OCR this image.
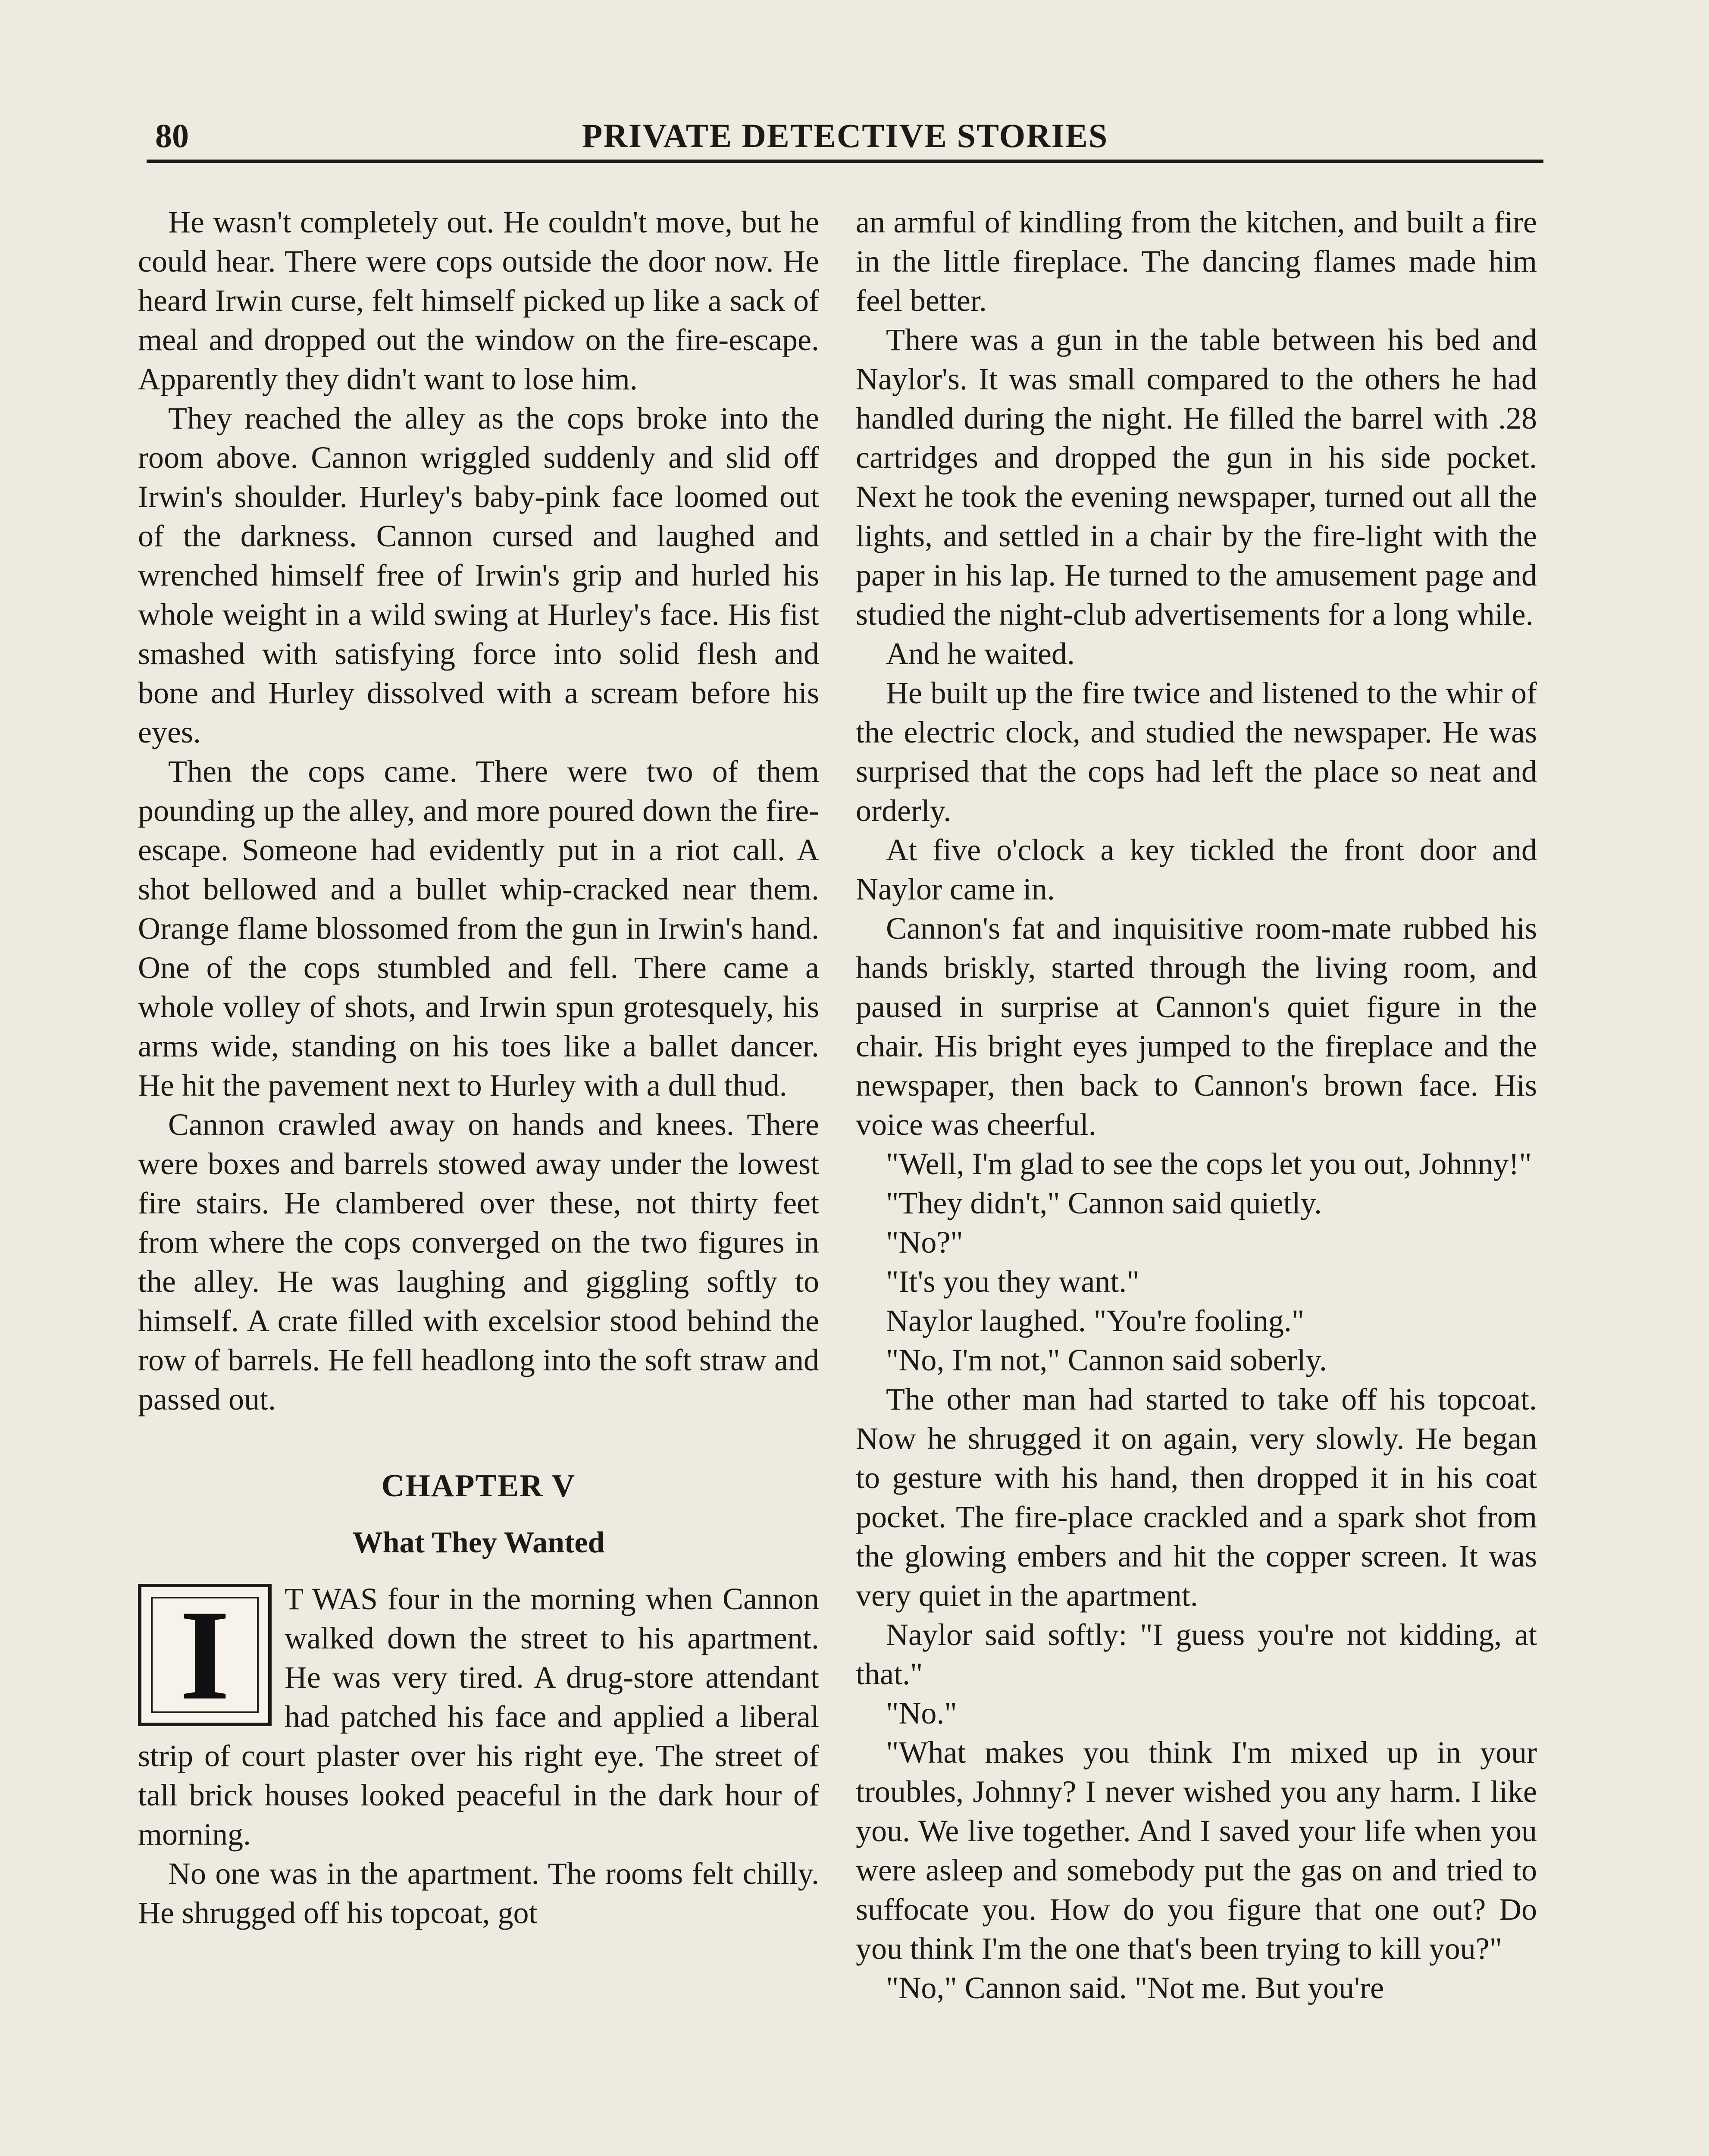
80	PRIVATE DETECTIVE STORIES

He wasn't completely out. He couldn't move, but he could hear. There were cops outside the door now. He heard Irwin curse, felt himself picked up like a sack of meal and dropped out the window on the fire-escape. Apparently they didn't want to lose him.

They reached the alley as the cops broke into the room above. Cannon wriggled suddenly and slid off Irwin's shoulder. Hurley's baby-pink face loomed out of the darkness. Cannon cursed and laughed and wrenched himself free of Irwin's grip and hurled his whole weight in a wild swing at Hurley's face. His fist smashed with satisfying force into solid flesh and bone and Hurley dissolved with a scream before his eyes.

Then the cops came. There were two of them pounding up the alley, and more poured down the fire-escape. Someone had evidently put in a riot call. A shot bellowed and a bullet whip-cracked near them. Orange flame blossomed from the gun in Irwin's hand. One of the cops stumbled and fell. There came a whole volley of shots, and Irwin spun grotesquely, his arms wide, standing on his toes like a ballet dancer. He hit the pavement next to Hurley with a dull thud.

Cannon crawled away on hands and knees. There were boxes and barrels stowed away under the lowest fire stairs. He clambered over these, not thirty feet from where the cops converged on the two figures in the alley. He was laughing and giggling softly to himself. A crate filled with excelsior stood behind the row of barrels. He fell headlong into the soft straw and passed out.

CHAPTER V
What They Wanted
I	T WAS four in the morning when Cannon walked down the street to his apartment. He was very tired. A drug-store attendant had patched his face and applied a liberal strip of court plaster over his right eye. The street of tall brick houses looked peaceful in the dark hour of morning.

No one was in the apartment. The rooms felt chilly. He shrugged off his topcoat, got

an armful of kindling from the kitchen, and built a fire in the little fireplace. The dancing flames made him feel better.

There was a gun in the table between his bed and Naylor's. It was small compared to the others he had handled during the night. He filled the barrel with .28 cartridges and dropped the gun in his side pocket. Next he took the evening newspaper, turned out all the lights, and settled in a chair by the fire-light with the paper in his lap. He turned to the amusement page and studied the night-club advertisements for a long while.

And he waited.

He built up the fire twice and listened to the whir of the electric clock, and studied the newspaper. He was surprised that the cops had left the place so neat and orderly.

At five o'clock a key tickled the front door and Naylor came in.

Cannon's fat and inquisitive room-mate rubbed his hands briskly, started through the living room, and paused in surprise at Cannon's quiet figure in the chair. His bright eyes jumped to the fireplace and the newspaper, then back to Cannon's brown face. His voice was cheerful.

"Well, I'm glad to see the cops let you out, Johnny!"

"They didn't," Cannon said quietly.

"No?"

"It's you they want."

Naylor laughed. "You're fooling."

"No, I'm not," Cannon said soberly.

The other man had started to take off his topcoat. Now he shrugged it on again, very slowly. He began to gesture with his hand, then dropped it in his coat pocket. The fire-place crackled and a spark shot from the glowing embers and hit the copper screen. It was very quiet in the apartment.

Naylor said softly: "I guess you're not kidding, at that."

"No."

"What makes you think I'm mixed up in your troubles, Johnny? I never wished you any harm. I like you. We live together. And I saved your life when you were asleep and somebody put the gas on and tried to suffocate you. How do you figure that one out? Do you think I'm the one that's been trying to kill you?"

"No," Cannon said. "Not me. But you're
